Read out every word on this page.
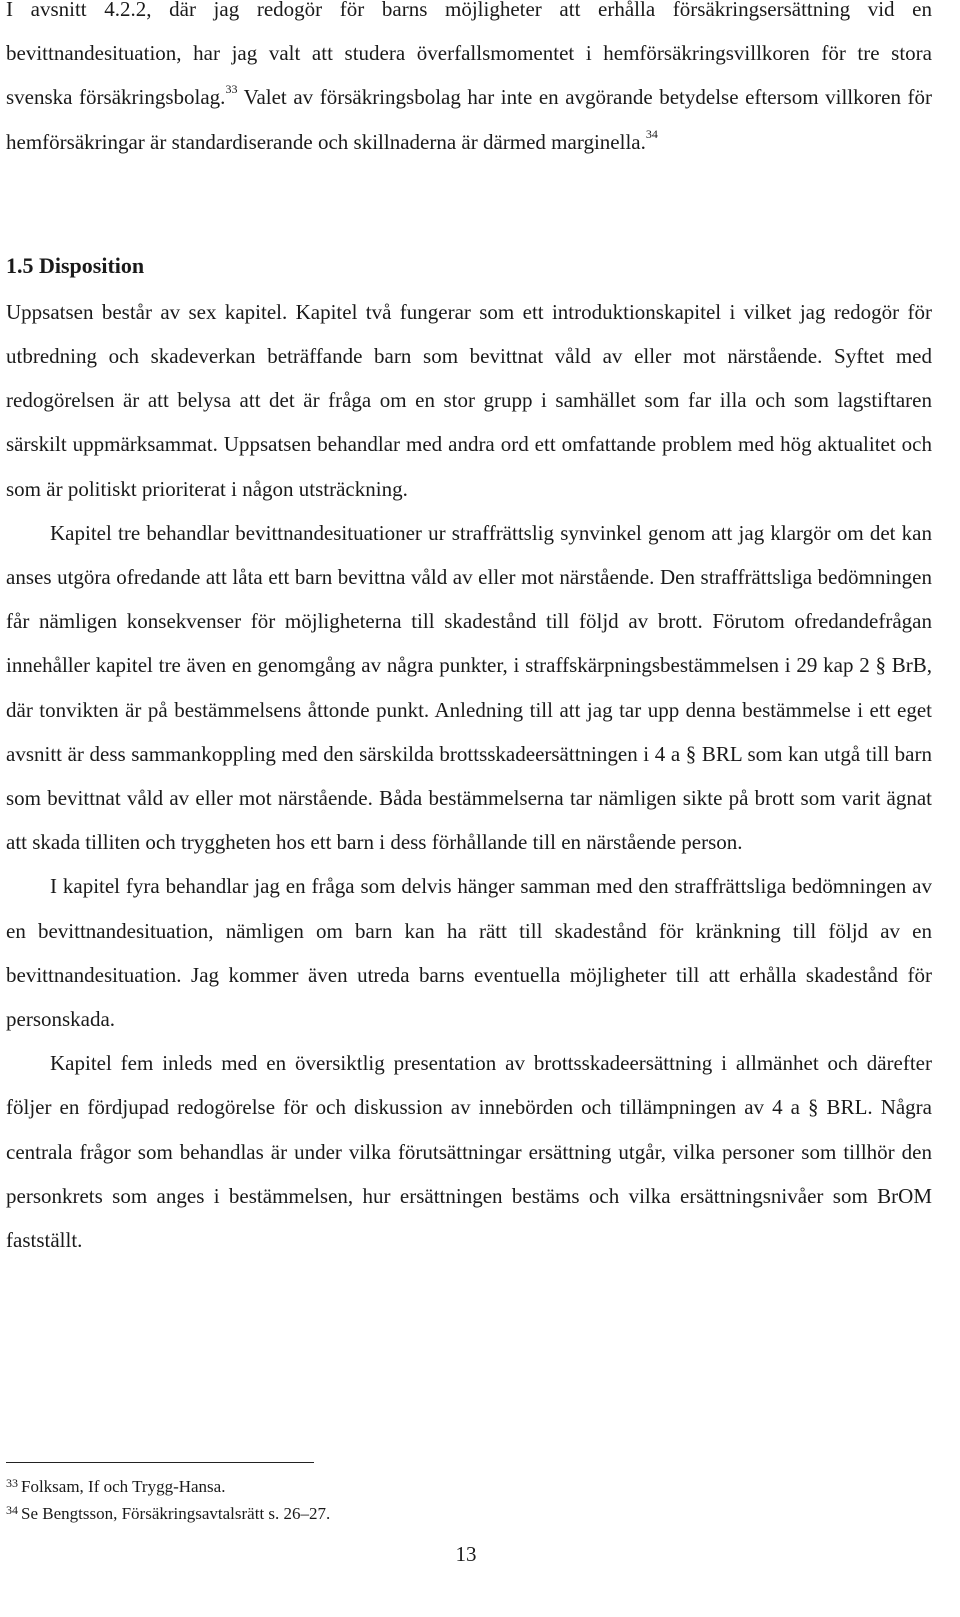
I avsnitt 4.2.2, där jag redogör för barns möjligheter att erhålla försäkringsersättning vid en bevittnandesituation, har jag valt att studera överfallsmomentet i hemförsäkringsvillkoren för tre stora svenska försäkringsbolag.$^{33}$ Valet av försäkringsbolag har inte en avgörande betydelse eftersom villkoren för hemförsäkringar är standardiserande och skillnaderna är därmed marginella.$^{34}$

1.5 Disposition

Uppsatsen består av sex kapitel. Kapitel två fungerar som ett introduktionskapitel i vilket jag redogör för utbredning och skadeverkan beträffande barn som bevittnat våld av eller mot närstående. Syftet med redogörelsen är att belysa att det är fråga om en stor grupp i samhället som far illa och som lagstiftaren särskilt uppmärksammat. Uppsatsen behandlar med andra ord ett omfattande problem med hög aktualitet och som är politiskt prioriterat i någon utsträckning.

Kapitel tre behandlar bevittnandesituationer ur straffrättslig synvinkel genom att jag klargör om det kan anses utgöra ofredande att låta ett barn bevittna våld av eller mot närstående. Den straffrättsliga bedömningen får nämligen konsekvenser för möjligheterna till skadestånd till följd av brott. Förutom ofredandefrågan innehåller kapitel tre även en genomgång av några punkter, i straffskärpningsbestämmelsen i 29 kap 2 § BrB, där tonvikten är på bestämmelsens åttonde punkt. Anledning till att jag tar upp denna bestämmelse i ett eget avsnitt är dess sammankoppling med den särskilda brottsskadeersättningen i 4 a § BRL som kan utgå till barn som bevittnat våld av eller mot närstående. Båda bestämmelserna tar nämligen sikte på brott som varit ägnat att skada tilliten och tryggheten hos ett barn i dess förhållande till en närstående person.

I kapitel fyra behandlar jag en fråga som delvis hänger samman med den straffrättsliga bedömningen av en bevittnandesituation, nämligen om barn kan ha rätt till skadestånd för kränkning till följd av en bevittnandesituation. Jag kommer även utreda barns eventuella möjligheter till att erhålla skadestånd för personskada.

Kapitel fem inleds med en översiktlig presentation av brottsskadeersättning i allmänhet och därefter följer en fördjupad redogörelse för och diskussion av innebörden och tillämpningen av 4 a § BRL. Några centrala frågor som behandlas är under vilka förutsättningar ersättning utgår, vilka personer som tillhör den personkrets som anges i bestämmelsen, hur ersättningen bestäms och vilka ersättningsnivåer som BrOM fastställt.

$^{33}$ Folksam, If och Trygg-Hansa.
$^{34}$ Se Bengtsson, Försäkringsavtalsrätt s. 26–27.
13
